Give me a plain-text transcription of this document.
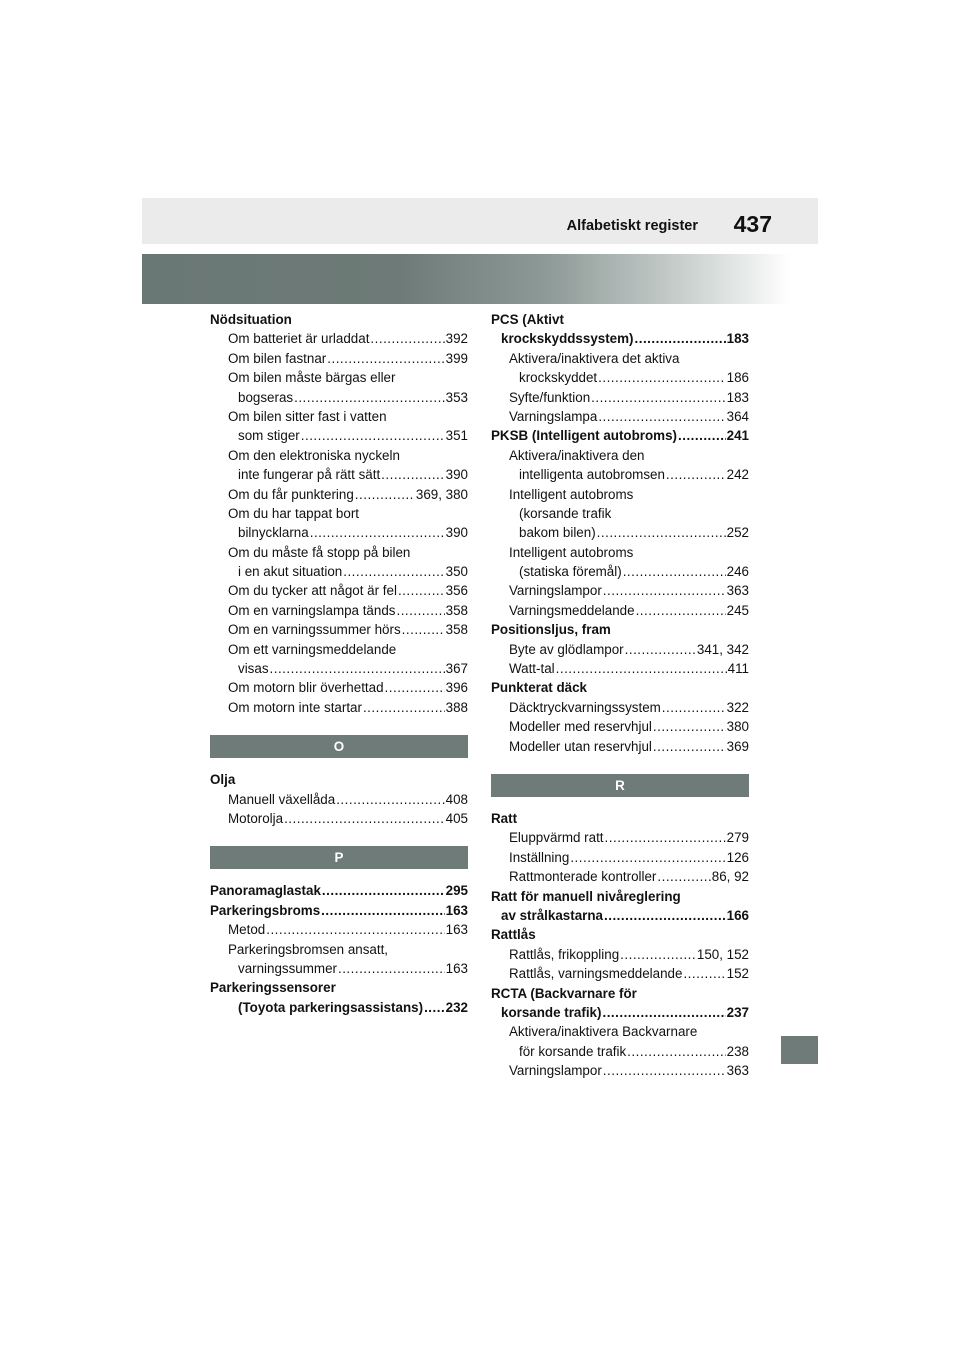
Alfabetiskt register 437
Nödsituation
Om batteriet är urladdat .....	392
Om bilen fastnar .....	399
Om bilen måste bärgas eller
bogseras .....	353
Om bilen sitter fast i vatten
som stiger .....	351
Om den elektroniska nyckeln
inte fungerar på rätt sätt .....	390
Om du får punktering .....	369, 380
Om du har tappat bort
bilnycklarna .....	390
Om du måste få stopp på bilen
i en akut situation .....	350
Om du tycker att något är fel .....	356
Om en varningslampa tänds .....	358
Om en varningssummer hörs .....	358
Om ett varningsmeddelande
visas .....	367
Om motorn blir överhettad .....	396
Om motorn inte startar .....	388
O
Olja
Manuell växellåda .....	408
Motorolja .....	405
P
Panoramaglastak .....	295
Parkeringsbroms .....	163
Metod .....	163
Parkeringsbromsen ansatt,
varningssummer .....	163
Parkeringssensorer
(Toyota parkeringsassistans) ..... 232
PCS (Aktivt
krockskyddssystem) .....	183
Aktivera/inaktivera det aktiva
krockskyddet .....	186
Syfte/funktion .....	183
Varningslampa .....	364
PKSB (Intelligent autobroms) .....	241
Aktivera/inaktivera den
intelligenta autobromsen .....	242
Intelligent autobroms
(korsande trafik
bakom bilen) .....	252
Intelligent autobroms
(statiska föremål) .....	246
Varningslampor .....	363
Varningsmeddelande .....	245
Positionsljus, fram
Byte av glödlampor .....	341, 342
Watt-tal .....	411
Punkterat däck
Däcktryckvarningssystem .....	322
Modeller med reservhjul .....	380
Modeller utan reservhjul .....	369
R
Ratt
Eluppvärmd ratt .....	279
Inställning .....	126
Rattmonterade kontroller .....	86, 92
Ratt för manuell nivåreglering
av strålkastarna .....	166
Rattlås
Rattlås, frikoppling .....	150, 152
Rattlås, varningsmeddelande .....	152
RCTA (Backvarnare för
korsande trafik) .....	237
Aktivera/inaktivera Backvarnare
för korsande trafik .....	238
Varningslampor .....	363
